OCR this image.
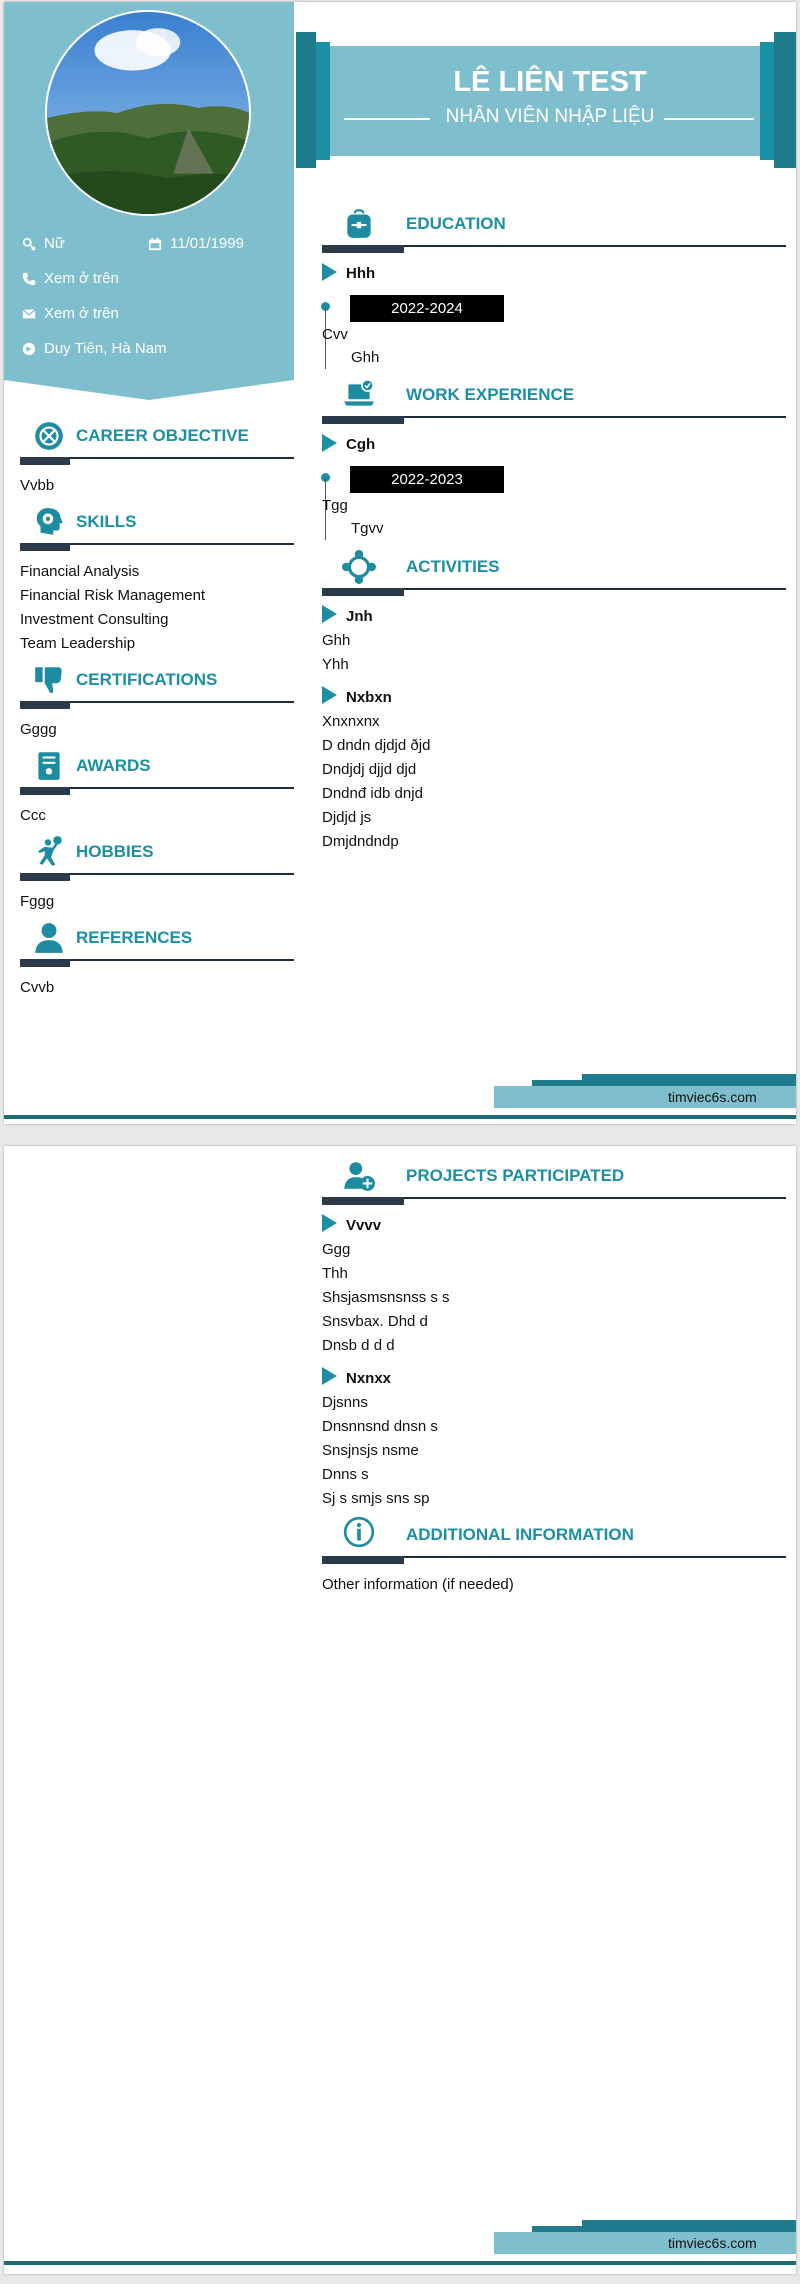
Nữ	11/01/1999
Xem ở trên
Xem ở trên
Duy Tiên, Hà Nam
LÊ LIÊN TEST
NHÂN VIÊN NHẬP LIỆU
CAREER OBJECTIVE
Vvbb
SKILLS
Financial Analysis
Financial Risk Management
Investment Consulting
Team Leadership
CERTIFICATIONS
Gggg
AWARDS
Ccc
HOBBIES
Fggg
REFERENCES
Cvvb
EDUCATION
Hhh
2022-2024
Cvv
Ghh
WORK EXPERIENCE
Cgh
2022-2023
Tgg
Tgvv
ACTIVITIES
Jnh
Ghh
Yhh
Nxbxn
Xnxnxnx
D dndn djdjd ðjd
Dndjdj djjd djd
Dndnđ idb dnjd
Djdjd js
Dmjdndndp
timviec6s.com
PROJECTS PARTICIPATED
Vvvv
Ggg
Thh
Shsjasmsnsnss s s
Snsvbax. Dhd d
Dnsb d d d
Nxnxx
Djsnns
Dnsnnsnd dnsn s
Snsjnsjs nsme
Dnns s
Sj s smjs sns sp
ADDITIONAL INFORMATION
Other information (if needed)
timviec6s.com
